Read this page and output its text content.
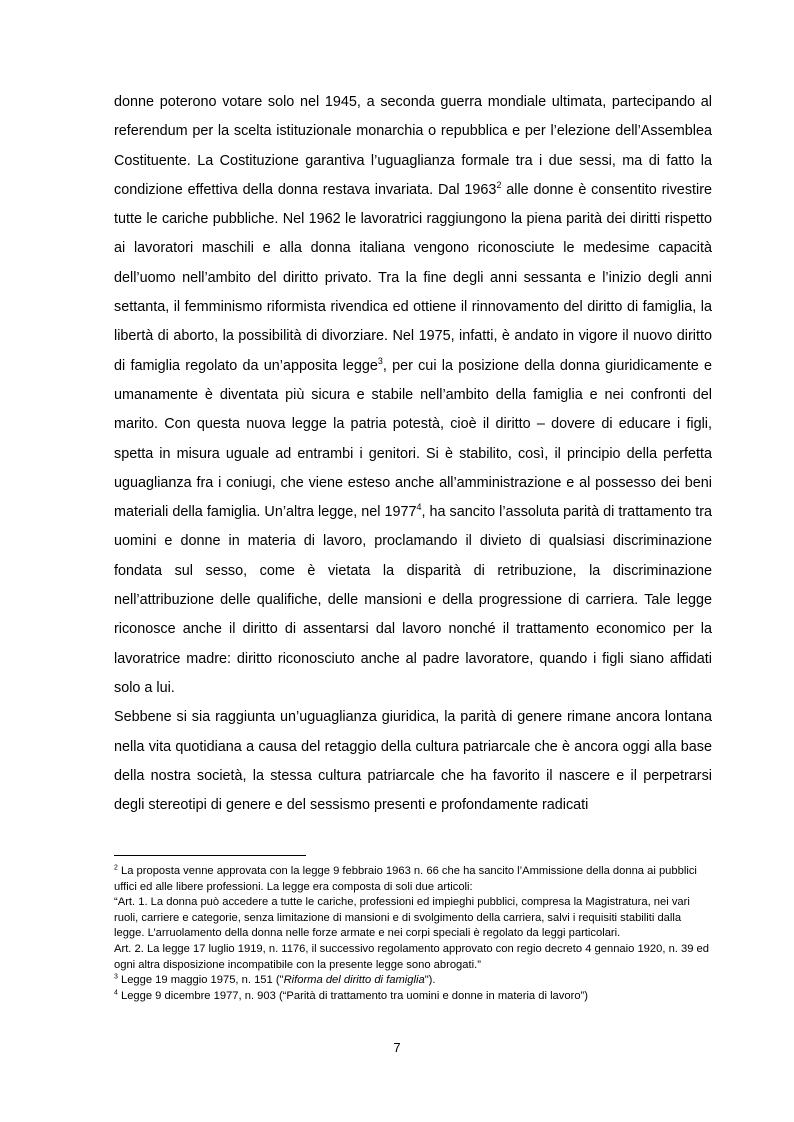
donne poterono votare solo nel 1945, a seconda guerra mondiale ultimata, partecipando al referendum per la scelta istituzionale monarchia o repubblica e per l’elezione dell’Assemblea Costituente. La Costituzione garantiva l’uguaglianza formale tra i due sessi, ma di fatto la condizione effettiva della donna restava invariata. Dal 1963$^2$ alle donne è consentito rivestire tutte le cariche pubbliche. Nel 1962 le lavoratrici raggiungono la piena parità dei diritti rispetto ai lavoratori maschili e alla donna italiana vengono riconosciute le medesime capacità dell’uomo nell’ambito del diritto privato. Tra la fine degli anni sessanta e l’inizio degli anni settanta, il femminismo riformista rivendica ed ottiene il rinnovamento del diritto di famiglia, la libertà di aborto, la possibilità di divorziare. Nel 1975, infatti, è andato in vigore il nuovo diritto di famiglia regolato da un’apposita legge$^3$, per cui la posizione della donna giuridicamente e umanamente è diventata più sicura e stabile nell’ambito della famiglia e nei confronti del marito. Con questa nuova legge la patria potestà, cioè il diritto – dovere di educare i figli, spetta in misura uguale ad entrambi i genitori. Si è stabilito, così, il principio della perfetta uguaglianza fra i coniugi, che viene esteso anche all’amministrazione e al possesso dei beni materiali della famiglia. Un’altra legge, nel 1977$^4$, ha sancito l’assoluta parità di trattamento tra uomini e donne in materia di lavoro, proclamando il divieto di qualsiasi discriminazione fondata sul sesso, come è vietata la disparità di retribuzione, la discriminazione nell’attribuzione delle qualifiche, delle mansioni e della progressione di carriera. Tale legge riconosce anche il diritto di assentarsi dal lavoro nonché il trattamento economico per la lavoratrice madre: diritto riconosciuto anche al padre lavoratore, quando i figli siano affidati solo a lui.

Sebbene si sia raggiunta un’uguaglianza giuridica, la parità di genere rimane ancora lontana nella vita quotidiana a causa del retaggio della cultura patriarcale che è ancora oggi alla base della nostra società, la stessa cultura patriarcale che ha favorito il nascere e il perpetrarsi degli stereotipi di genere e del sessismo presenti e profondamente radicati

$^2$ La proposta venne approvata con la legge 9 febbraio 1963 n. 66 che ha sancito l’Ammissione della donna ai pubblici uffici ed alle libere professioni. La legge era composta di soli due articoli:

“Art. 1. La donna può accedere a tutte le cariche, professioni ed impieghi pubblici, compresa la Magistratura, nei vari ruoli, carriere e categorie, senza limitazione di mansioni e di svolgimento della carriera, salvi i requisiti stabiliti dalla legge. L’arruolamento della donna nelle forze armate e nei corpi speciali è regolato da leggi particolari.

Art. 2. La legge 17 luglio 1919, n. 1176, il successivo regolamento approvato con regio decreto 4 gennaio 1920, n. 39 ed ogni altra disposizione incompatibile con la presente legge sono abrogati.”

$^3$ Legge 19 maggio 1975, n. 151 ("Riforma del diritto di famiglia").

$^4$ Legge 9 dicembre 1977, n. 903 (“Parità di trattamento tra uomini e donne in materia di lavoro”)

7
